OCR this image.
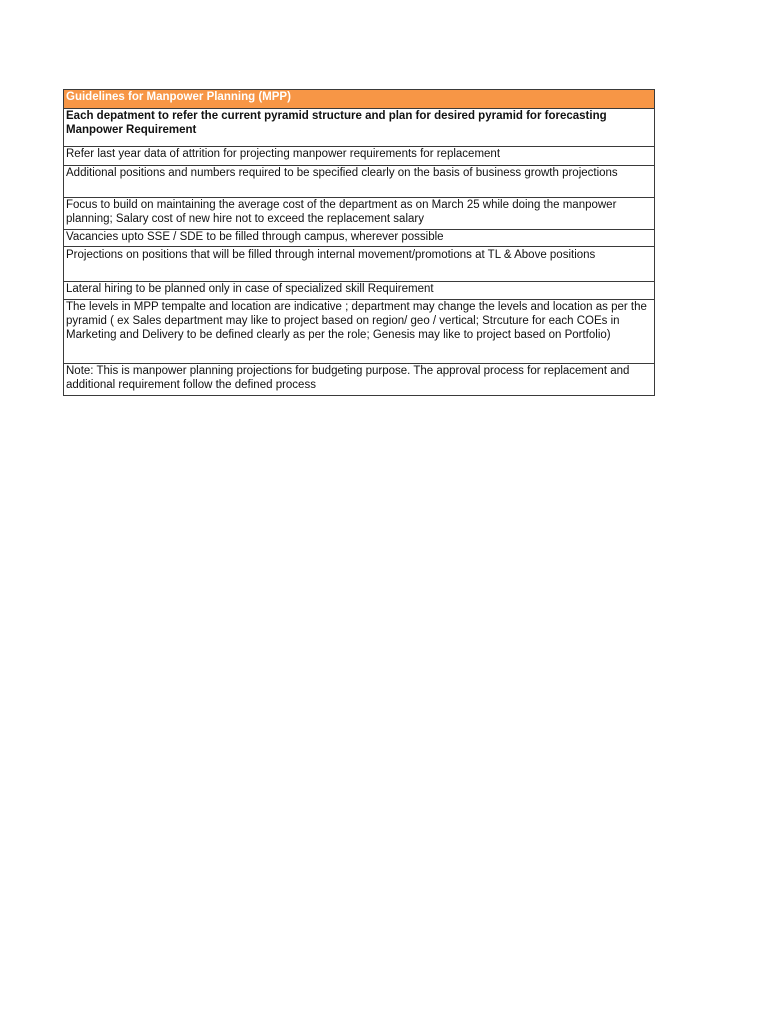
Guidelines for Manpower Planning (MPP)
Each depatment to refer the current pyramid structure and plan for desired pyramid for forecasting Manpower Requirement
Refer last year data of attrition for projecting manpower requirements for replacement
Additional positions and numbers required to be specified clearly on the basis of business growth projections
Focus to build on maintaining the average cost of the department as on March 25 while doing the manpower planning; Salary cost of new hire not to exceed the replacement salary
Vacancies upto SSE / SDE to be filled through campus, wherever possible
Projections on positions that will be filled through internal movement/promotions at TL & Above positions
Lateral hiring to be planned only in case of specialized skill Requirement
The levels in MPP tempalte and location are indicative ; department may change the levels and location as per the pyramid ( ex Sales department may like to project based on region/ geo / vertical; Strcuture for each COEs in Marketing and Delivery to be defined clearly as per the role; Genesis may like to project based on Portfolio)
Note: This is manpower planning projections for budgeting purpose. The approval process for replacement and additional requirement follow the defined process
